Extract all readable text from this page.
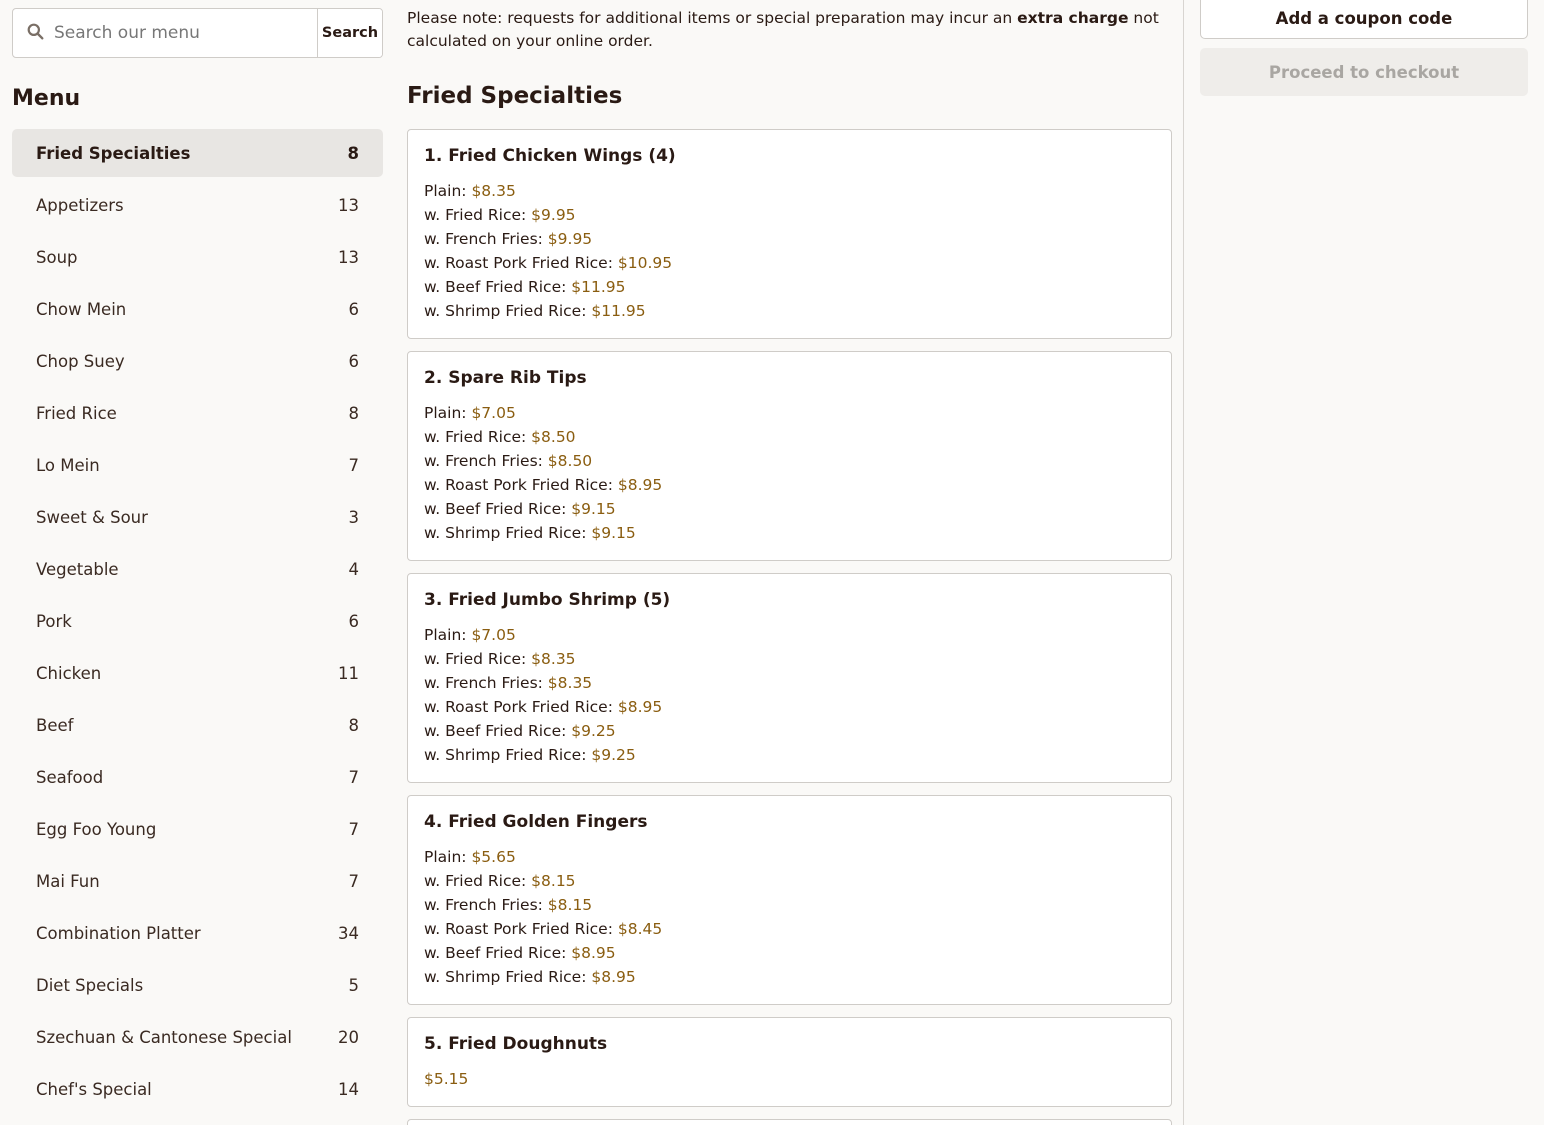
Search our menu
Search
Menu
Fried Specialties	8
Appetizers	13
Soup	13
Chow Mein	6
Chop Suey	6
Fried Rice	8
Lo Mein	7
Sweet & Sour	3
Vegetable	4
Pork	6
Chicken	11
Beef	8
Seafood	7
Egg Foo Young	7
Mai Fun	7
Combination Platter	34
Diet Specials	5
Szechuan & Cantonese Special	20
Chef's Special	14

Please note: requests for additional items or special preparation may incur an extra charge not calculated on your online order.

Fried Specialties
1. Fried Chicken Wings (4)
Plain: $8.35
w. Fried Rice: $9.95
w. French Fries: $9.95
w. Roast Pork Fried Rice: $10.95
w. Beef Fried Rice: $11.95
w. Shrimp Fried Rice: $11.95
2. Spare Rib Tips
Plain: $7.05
w. Fried Rice: $8.50
w. French Fries: $8.50
w. Roast Pork Fried Rice: $8.95
w. Beef Fried Rice: $9.15
w. Shrimp Fried Rice: $9.15
3. Fried Jumbo Shrimp (5)
Plain: $7.05
w. Fried Rice: $8.35
w. French Fries: $8.35
w. Roast Pork Fried Rice: $8.95
w. Beef Fried Rice: $9.25
w. Shrimp Fried Rice: $9.25
4. Fried Golden Fingers
Plain: $5.65
w. Fried Rice: $8.15
w. French Fries: $8.15
w. Roast Pork Fried Rice: $8.45
w. Beef Fried Rice: $8.95
w. Shrimp Fried Rice: $8.95
5. Fried Doughnuts
$5.15
Add a coupon code
Proceed to checkout
